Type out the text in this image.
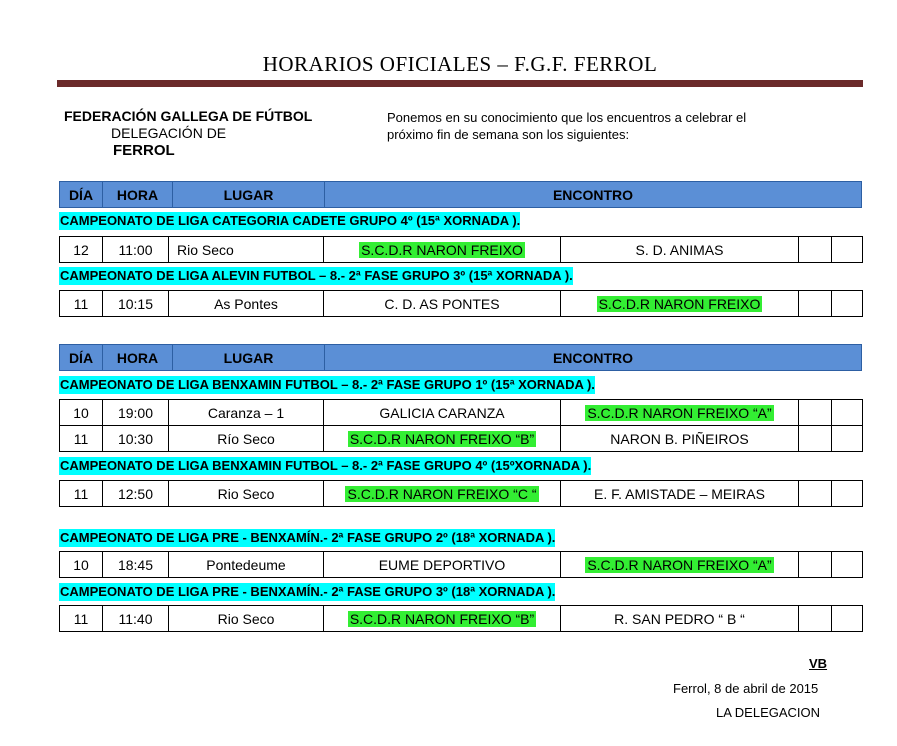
HORARIOS OFICIALES – F.G.F. FERROL
FEDERACIÓN GALLEGA DE FÚTBOL
DELEGACIÓN DE
FERROL
Ponemos en su conocimiento que los encuentros a celebrar el
próximo fin de semana son los siguientes:
DÍA	HORA	LUGAR	ENCONTRO
CAMPEONATO DE LIGA CATEGORIA CADETE GRUPO 4º (15ª XORNADA ).
12	11:00	Rio Seco	S.C.D.R NARON FREIXO	S. D. ANIMAS
CAMPEONATO DE LIGA ALEVIN FUTBOL – 8.- 2ª FASE GRUPO 3º (15ª XORNADA ).
11	10:15	As Pontes	C. D. AS PONTES	S.C.D.R NARON FREIXO
DÍA	HORA	LUGAR	ENCONTRO
CAMPEONATO DE LIGA BENXAMIN FUTBOL – 8.- 2ª FASE GRUPO 1º (15ª XORNADA ).
10	19:00	Caranza – 1	GALICIA CARANZA	S.C.D.R NARON FREIXO “A”
11	10:30	Río Seco	S.C.D.R NARON FREIXO “B”	NARON B. PIÑEIROS
CAMPEONATO DE LIGA BENXAMIN FUTBOL – 8.- 2ª FASE GRUPO 4º (15ºXORNADA ).
11	12:50	Rio Seco	S.C.D.R NARON FREIXO “C “	E. F. AMISTADE – MEIRAS
CAMPEONATO DE LIGA PRE - BENXAMÍN.- 2ª FASE GRUPO 2º (18ª XORNADA ).
10	18:45	Pontedeume	EUME DEPORTIVO	S.C.D.R NARON FREIXO “A”
CAMPEONATO DE LIGA PRE - BENXAMÍN.- 2ª FASE GRUPO 3º (18ª XORNADA ).
11	11:40	Rio Seco	S.C.D.R NARON FREIXO “B”	R. SAN PEDRO “ B “
VB
Ferrol, 8 de abril de 2015
LA DELEGACION
